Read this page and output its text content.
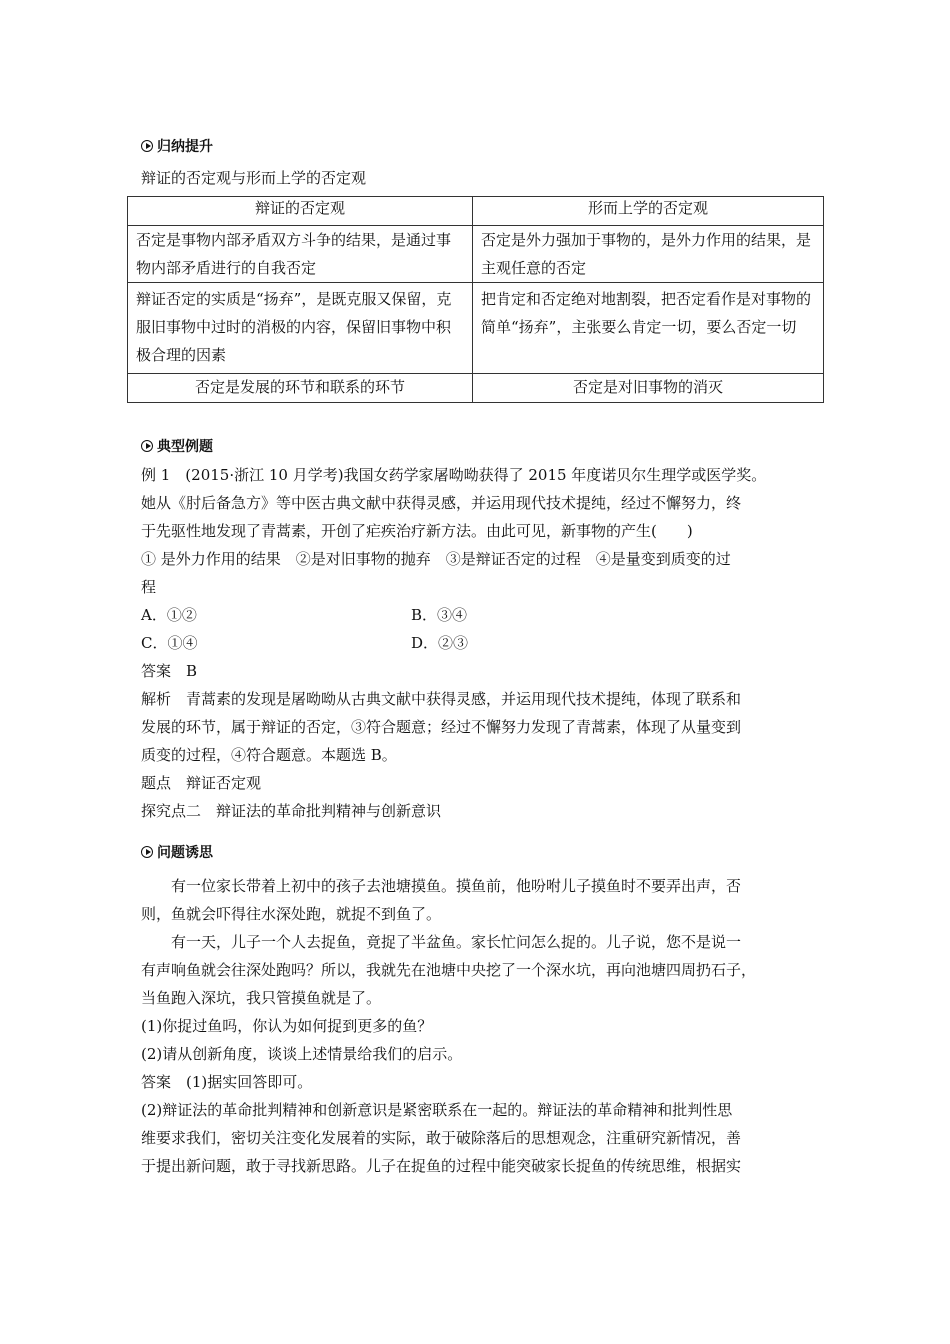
归纳提升
辩证的否定观与形而上学的否定观
辩证的否定观	形而上学的否定观
否定是事物内部矛盾双方斗争的结果，是通过事物内部矛盾进行的自我否定	否定是外力强加于事物的，是外力作用的结果，是主观任意的否定
辩证否定的实质是“扬弃”，是既克服又保留，克服旧事物中过时的消极的内容，保留旧事物中积极合理的因素	把肯定和否定绝对地割裂，把否定看作是对事物的简单“扬弃”，主张要么肯定一切，要么否定一切
否定是发展的环节和联系的环节	否定是对旧事物的消灭
典型例题
例 1　(2015·浙江 10 月学考)我国女药学家屠呦呦获得了 2015 年度诺贝尔生理学或医学奖。
她从《肘后备急方》等中医古典文献中获得灵感，并运用现代技术提纯，经过不懈努力，终
于先驱性地发现了青蒿素，开创了疟疾治疗新方法。由此可见，新事物的产生(　　)
① 是外力作用的结果　②是对旧事物的抛弃　③是辩证否定的过程　④是量变到质变的过
程
A．①②	B．③④
C．①④	D．②③
答案　B
解析　青蒿素的发现是屠呦呦从古典文献中获得灵感，并运用现代技术提纯，体现了联系和
发展的环节，属于辩证的否定，③符合题意；经过不懈努力发现了青蒿素，体现了从量变到
质变的过程，④符合题意。本题选 B。
题点　辩证否定观
探究点二　辩证法的革命批判精神与创新意识
问题诱思
有一位家长带着上初中的孩子去池塘摸鱼。摸鱼前，他吩咐儿子摸鱼时不要弄出声，否
则，鱼就会吓得往水深处跑，就捉不到鱼了。
有一天，儿子一个人去捉鱼，竟捉了半盆鱼。家长忙问怎么捉的。儿子说，您不是说一
有声响鱼就会往深处跑吗？所以，我就先在池塘中央挖了一个深水坑，再向池塘四周扔石子，
当鱼跑入深坑，我只管摸鱼就是了。
(1)你捉过鱼吗，你认为如何捉到更多的鱼？
(2)请从创新角度，谈谈上述情景给我们的启示。
答案　(1)据实回答即可。
(2)辩证法的革命批判精神和创新意识是紧密联系在一起的。辩证法的革命精神和批判性思
维要求我们，密切关注变化发展着的实际，敢于破除落后的思想观念，注重研究新情况，善
于提出新问题，敢于寻找新思路。儿子在捉鱼的过程中能突破家长捉鱼的传统思维，根据实
